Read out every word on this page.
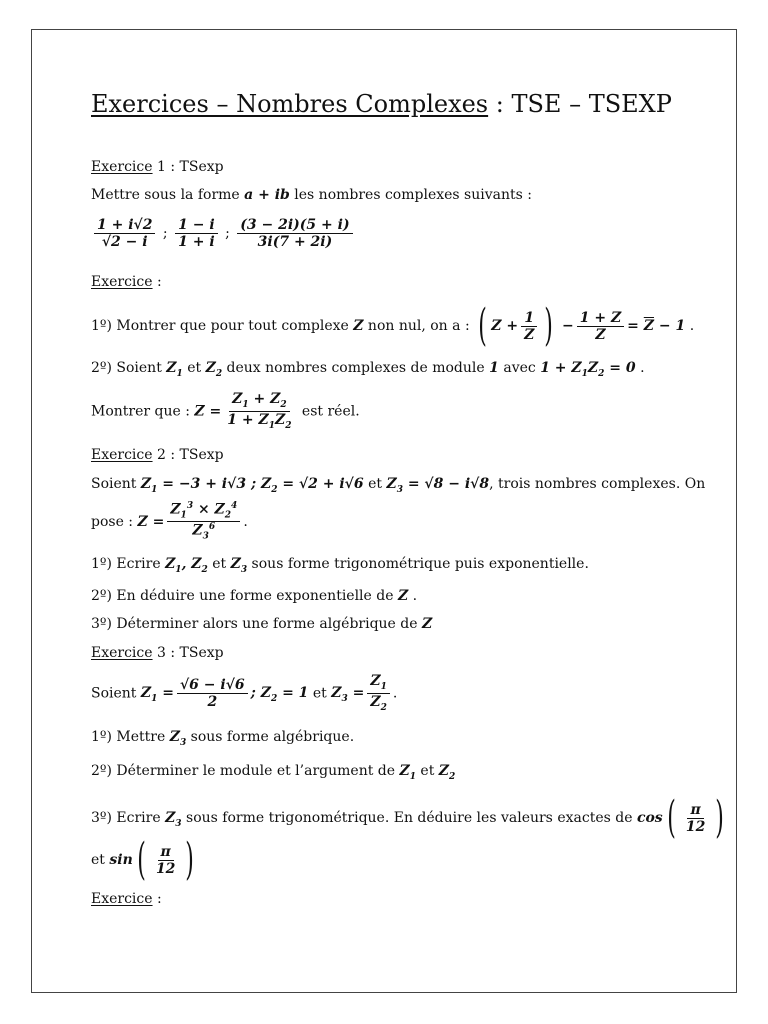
Exercices – Nombres Complexes : TSE – TSEXP
Exercice 1 : TSexp
Mettre sous la forme a + ib les nombres complexes suivants :
$\frac{1 + i√2}{√2 - i}$ ; $\frac{1 - i}{1 + i}$ ; $\frac{(3 - 2i)(5 + i)}{3i(7 + 2i)}$
Exercice :
1º) Montrer que pour tout complexe Z non nul, on a : ( $Z + \frac{1}{Z}$ ) − $\frac{1 + Z}{Z} = \overline{Z} - 1$ .
2º) Soient $Z_1$ et $Z_2$ deux nombres complexes de module 1 avec $1 + Z_1Z_2 = 0$ .
Montrer que : $Z = \frac{Z_1 + Z_2}{1 + Z_1Z_2}$ est réel.
Exercice 2 : TSexp
Soient $Z_1 = -3 + i√3$ ; $Z_2 = √2 + i√6$ et $Z_3 = √8 - i√8$, trois nombres complexes. On
pose : $Z = \frac{Z_1^3 \times Z_2^4}{Z_3^6}$ .
1º) Ecrire $Z_1$, $Z_2$ et $Z_3$ sous forme trigonométrique puis exponentielle.
2º) En déduire une forme exponentielle de Z .
3º) Déterminer alors une forme algébrique de Z
Exercice 3 : TSexp
Soient $Z_1 = \frac{√6 - i√6}{2}$ ; $Z_2 = 1$ et $Z_3 = \frac{Z_1}{Z_2}$ .
1º) Mettre $Z_3$ sous forme algébrique.
2º) Déterminer le module et l’argument de $Z_1$ et $Z_2$
3º) Ecrire $Z_3$ sous forme trigonométrique. En déduire les valeurs exactes de $\cos( \frac{\pi}{12}$ )
et $\sin( \frac{\pi}{12}$ )
Exercice :
